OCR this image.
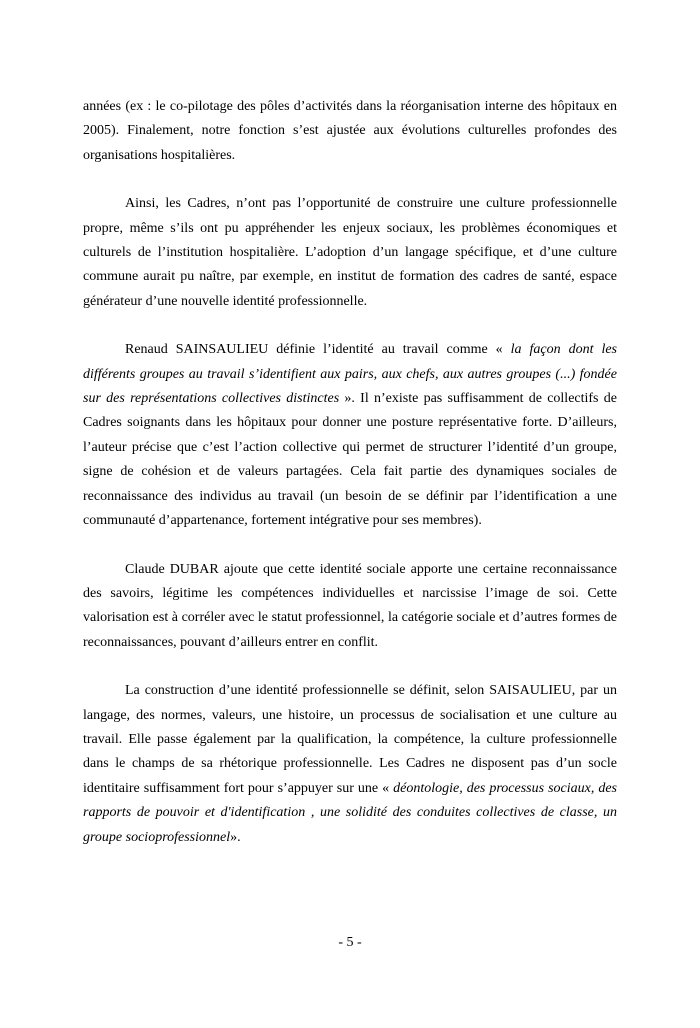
années (ex : le co-pilotage des pôles d’activités dans la réorganisation interne des hôpitaux en 2005). Finalement, notre fonction s’est ajustée aux évolutions culturelles profondes des organisations hospitalières.

Ainsi, les Cadres, n’ont pas l’opportunité de construire une culture professionnelle propre, même s’ils ont pu appréhender les enjeux sociaux, les problèmes économiques et culturels de l’institution hospitalière. L’adoption d’un langage spécifique, et d’une culture commune aurait pu naître, par exemple, en institut de formation des cadres de santé, espace générateur d’une nouvelle identité professionnelle.

Renaud SAINSAULIEU définie l’identité au travail comme « la façon dont les différents groupes au travail s’identifient aux pairs, aux chefs, aux autres groupes (...) fondée sur des représentations collectives distinctes ». Il n’existe pas suffisamment de collectifs de Cadres soignants dans les hôpitaux pour donner une posture représentative forte. D’ailleurs, l’auteur précise que c’est l’action collective qui permet de structurer l’identité d’un groupe, signe de cohésion et de valeurs partagées. Cela fait partie des dynamiques sociales de reconnaissance des individus au travail (un besoin de se définir par l’identification a une communauté d’appartenance, fortement intégrative pour ses membres).

Claude DUBAR ajoute que cette identité sociale apporte une certaine reconnaissance des savoirs, légitime les compétences individuelles et narcissise l’image de soi. Cette valorisation est à corréler avec le statut professionnel, la catégorie sociale et d’autres formes de reconnaissances, pouvant d’ailleurs entrer en conflit.

La construction d’une identité professionnelle se définit, selon SAISAULIEU, par un langage, des normes, valeurs, une histoire, un processus de socialisation et une culture au travail. Elle passe également par la qualification, la compétence, la culture professionnelle dans le champs de sa rhétorique professionnelle. Les Cadres ne disposent pas d’un socle identitaire suffisamment fort pour s’appuyer sur une « déontologie, des processus sociaux, des rapports de pouvoir et d'identification , une solidité des conduites collectives de classe, un groupe socioprofessionnel».

- 5 -
